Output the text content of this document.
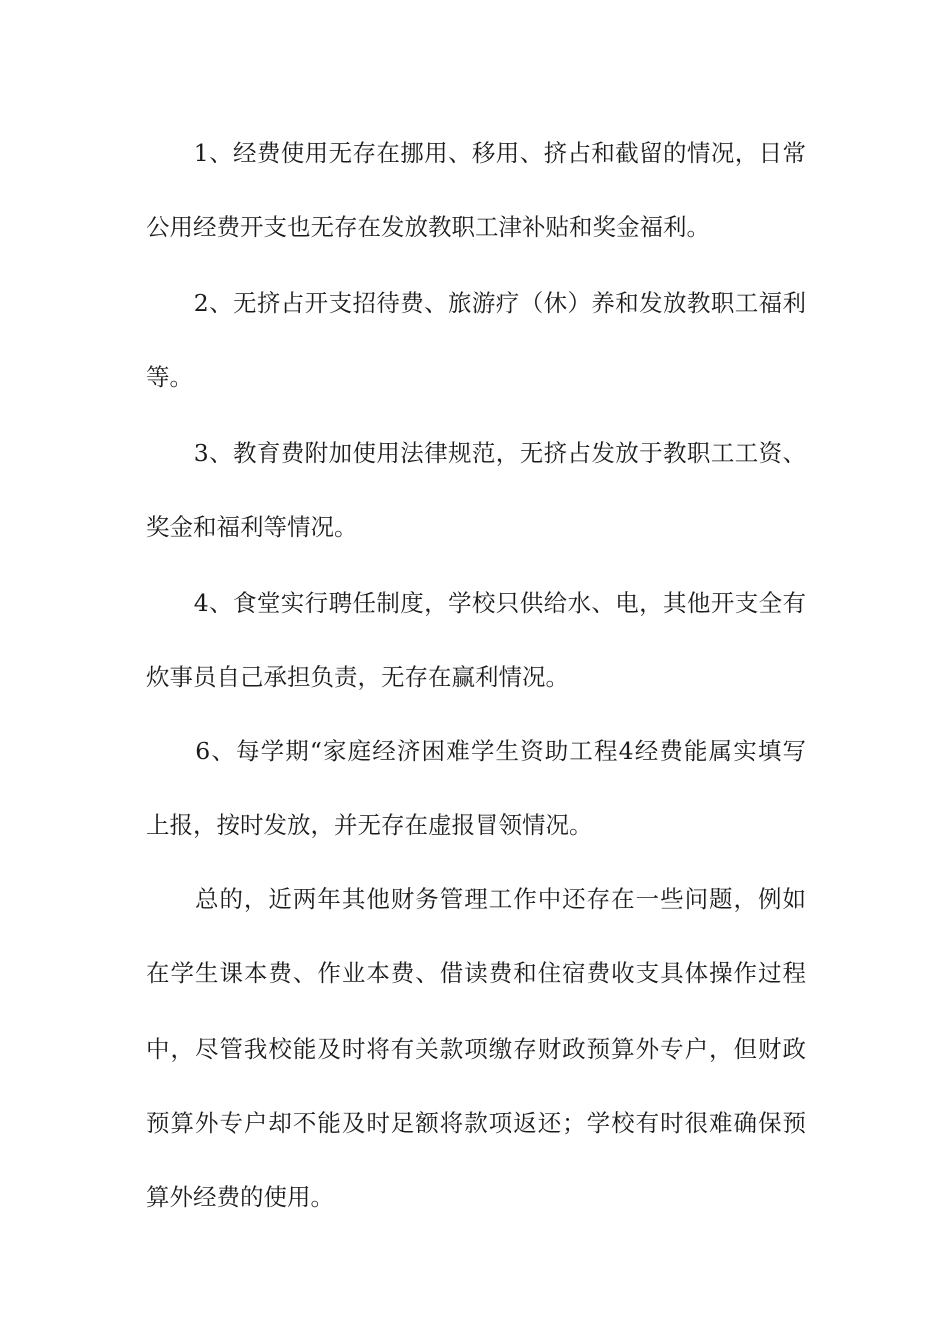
　　1、经费使用无存在挪用、移用、挤占和截留的情况，日常

公用经费开支也无存在发放教职工津补贴和奖金福利。

　　2、无挤占开支招待费、旅游疗（休）养和发放教职工福利

等。

　　3、教育费附加使用法律规范，无挤占发放于教职工工资、

奖金和福利等情况。

　　4、食堂实行聘任制度，学校只供给水、电，其他开支全有

炊事员自己承担负责，无存在赢利情况。

　　6、每学期“家庭经济困难学生资助工程4经费能属实填写

上报，按时发放，并无存在虚报冒领情况。

　　总的，近两年其他财务管理工作中还存在一些问题，例如

在学生课本费、作业本费、借读费和住宿费收支具体操作过程

中，尽管我校能及时将有关款项缴存财政预算外专户，但财政

预算外专户却不能及时足额将款项返还；学校有时很难确保预

算外经费的使用。
